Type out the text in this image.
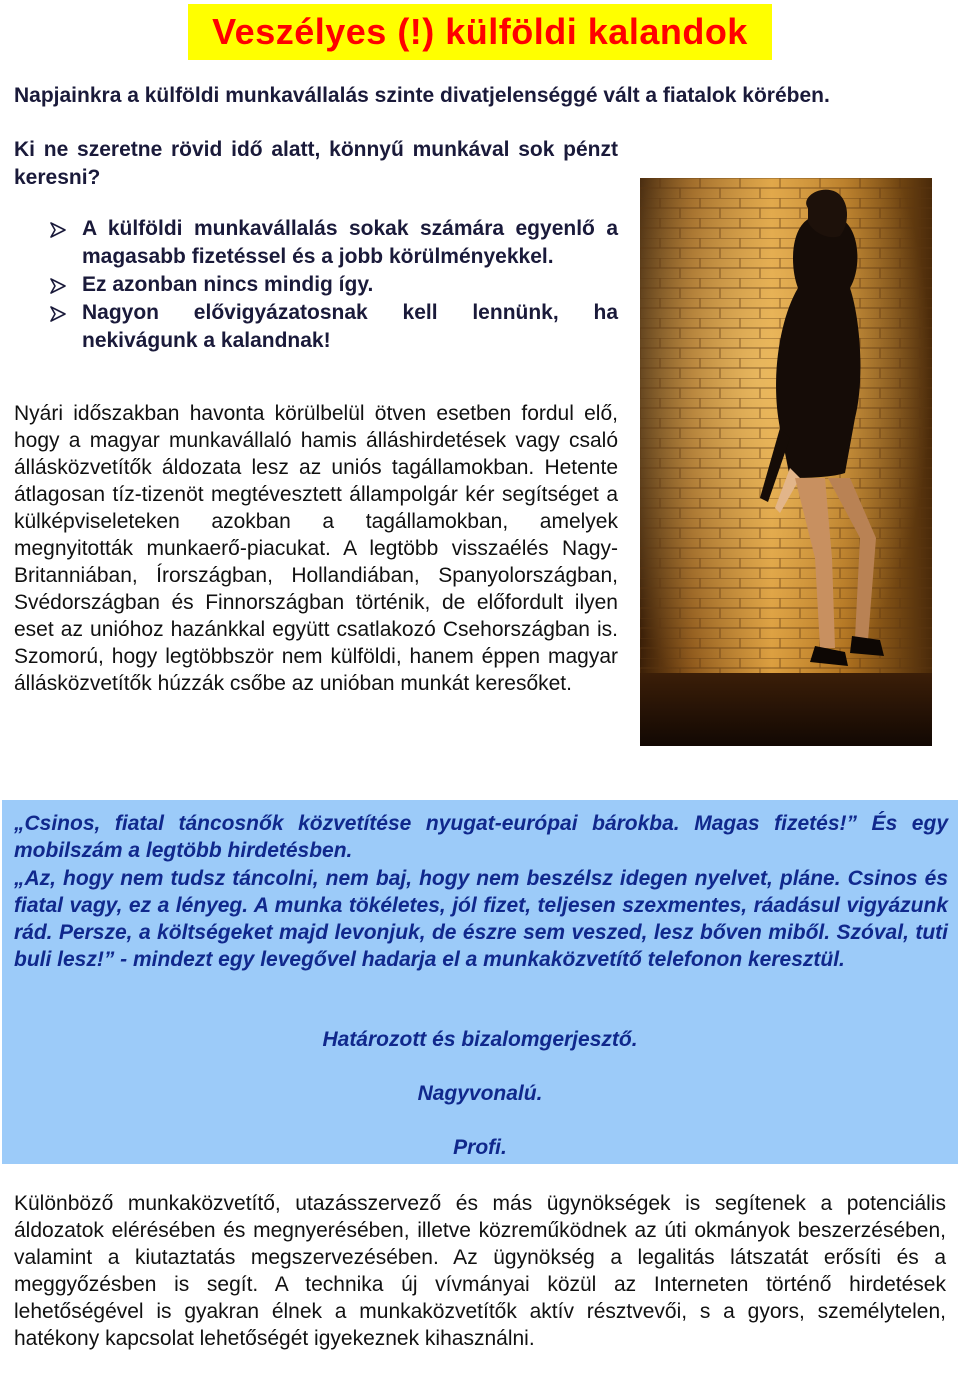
Veszélyes (!) külföldi kalandok
Napjainkra a külföldi munkavállalás szinte divatjelenséggé vált a fiatalok körében.
Ki ne szeretne rövid idő alatt, könnyű munkával sok pénzt keresni?
A külföldi munkavállalás sokak számára egyenlő a magasabb fizetéssel és a jobb körülményekkel.
Ez azonban nincs mindig így.
Nagyon elővigyázatosnak kell lennünk, ha nekivágunk a kalandnak!
Nyári időszakban havonta körülbelül ötven esetben fordul elő, hogy a magyar munkavállaló hamis álláshirdetések vagy csaló állásközvetítők áldozata lesz az uniós tagállamokban. Hetente átlagosan tíz-tizenöt megtévesztett állampolgár kér segítséget a külképviseleteken azokban a tagállamokban, amelyek megnyitották munkaerő-piacukat. A legtöbb visszaélés Nagy-Britanniában, Írországban, Hollandiában, Spanyolországban, Svédországban és Finnországban történik, de előfordult ilyen eset az unióhoz hazánkkal együtt csatlakozó Csehországban is. Szomorú, hogy legtöbbször nem külföldi, hanem éppen magyar állásközvetítők húzzák csőbe az unióban munkát keresőket.

„Csinos, fiatal táncosnők közvetítése nyugat-európai bárokba. Magas fizetés!” És egy mobilszám a legtöbb hirdetésben.

„Az, hogy nem tudsz táncolni, nem baj, hogy nem beszélsz idegen nyelvet, pláne. Csinos és fiatal vagy, ez a lényeg. A munka tökéletes, jól fizet, teljesen szexmentes, ráadásul vigyázunk rád. Persze, a költségeket majd levonjuk, de észre sem veszed, lesz bőven miből. Szóval, tuti buli lesz!” - mindezt egy levegővel hadarja el a munkaközvetítő telefonon keresztül.

Határozott és bizalomgerjesztő.
Nagyvonalú.
Profi.
Különböző munkaközvetítő, utazásszervező és más ügynökségek is segítenek a potenciális áldozatok elérésében és megnyerésében, illetve közreműködnek az úti okmányok beszerzésében, valamint a kiutaztatás megszervezésében. Az ügynökség a legalitás látszatát erősíti és a meggyőzésben is segít. A technika új vívmányai közül az Interneten történő hirdetések lehetőségével is gyakran élnek a munkaközvetítők aktív résztvevői, s a gyors, személytelen, hatékony kapcsolat lehetőségét igyekeznek kihasználni.
